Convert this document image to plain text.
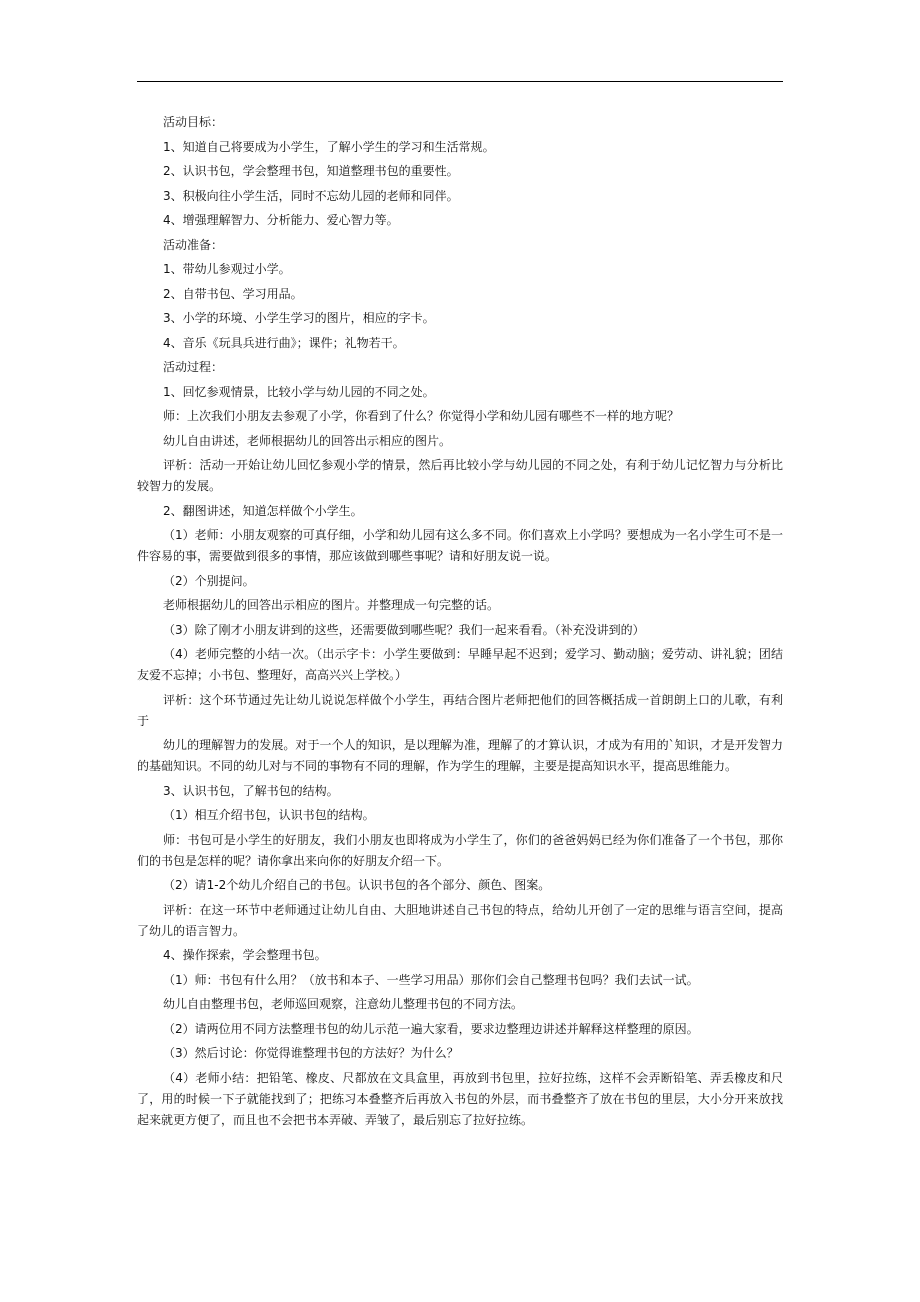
活动目标：

1、知道自己将要成为小学生，了解小学生的学习和生活常规。

2、认识书包，学会整理书包，知道整理书包的重要性。

3、积极向往小学生活，同时不忘幼儿园的老师和同伴。

4、增强理解智力、分析能力、爱心智力等。

活动准备：

1、带幼儿参观过小学。

2、自带书包、学习用品。

3、小学的环境、小学生学习的图片，相应的字卡。

4、音乐《玩具兵进行曲》；课件；礼物若干。

活动过程：

1、回忆参观情景，比较小学与幼儿园的不同之处。

师：上次我们小朋友去参观了小学，你看到了什么？你觉得小学和幼儿园有哪些不一样的地方呢？

幼儿自由讲述，老师根据幼儿的回答出示相应的图片。

评析：活动一开始让幼儿回忆参观小学的情景，然后再比较小学与幼儿园的不同之处，有利于幼儿记忆智力与分析比较智力的发展。

2、翻图讲述，知道怎样做个小学生。

（1）老师：小朋友观察的可真仔细，小学和幼儿园有这么多不同。你们喜欢上小学吗？要想成为一名小学生可不是一件容易的事，需要做到很多的事情，那应该做到哪些事呢？请和好朋友说一说。

（2）个别提问。

老师根据幼儿的回答出示相应的图片。并整理成一句完整的话。

（3）除了刚才小朋友讲到的这些，还需要做到哪些呢？我们一起来看看。（补充没讲到的）

（4）老师完整的小结一次。（出示字卡：小学生要做到：早睡早起不迟到；爱学习、勤动脑；爱劳动、讲礼貌；团结友爱不忘掉；小书包、整理好，高高兴兴上学校。）

评析：这个环节通过先让幼儿说说怎样做个小学生，再结合图片老师把他们的回答概括成一首朗朗上口的儿歌，有利于

幼儿的理解智力的发展。对于一个人的知识，是以理解为准，理解了的才算认识，才成为有用的`知识，才是开发智力的基础知识。不同的幼儿对与不同的事物有不同的理解，作为学生的理解，主要是提高知识水平，提高思维能力。

3、认识书包，了解书包的结构。

（1）相互介绍书包，认识书包的结构。

师：书包可是小学生的好朋友，我们小朋友也即将成为小学生了，你们的爸爸妈妈已经为你们准备了一个书包，那你们的书包是怎样的呢？请你拿出来向你的好朋友介绍一下。

（2）请1-2个幼儿介绍自己的书包。认识书包的各个部分、颜色、图案。

评析：在这一环节中老师通过让幼儿自由、大胆地讲述自己书包的特点，给幼儿开创了一定的思维与语言空间，提高了幼儿的语言智力。

4、操作探索，学会整理书包。

（1）师：书包有什么用？（放书和本子、一些学习用品）那你们会自己整理书包吗？我们去试一试。

幼儿自由整理书包，老师巡回观察，注意幼儿整理书包的不同方法。

（2）请两位用不同方法整理书包的幼儿示范一遍大家看，要求边整理边讲述并解释这样整理的原因。

（3）然后讨论：你觉得谁整理书包的方法好？为什么？

（4）老师小结：把铅笔、橡皮、尺都放在文具盒里，再放到书包里，拉好拉练，这样不会弄断铅笔、弄丢橡皮和尺了，用的时候一下子就能找到了；把练习本叠整齐后再放入书包的外层，而书叠整齐了放在书包的里层，大小分开来放找起来就更方便了，而且也不会把书本弄破、弄皱了，最后别忘了拉好拉练。
